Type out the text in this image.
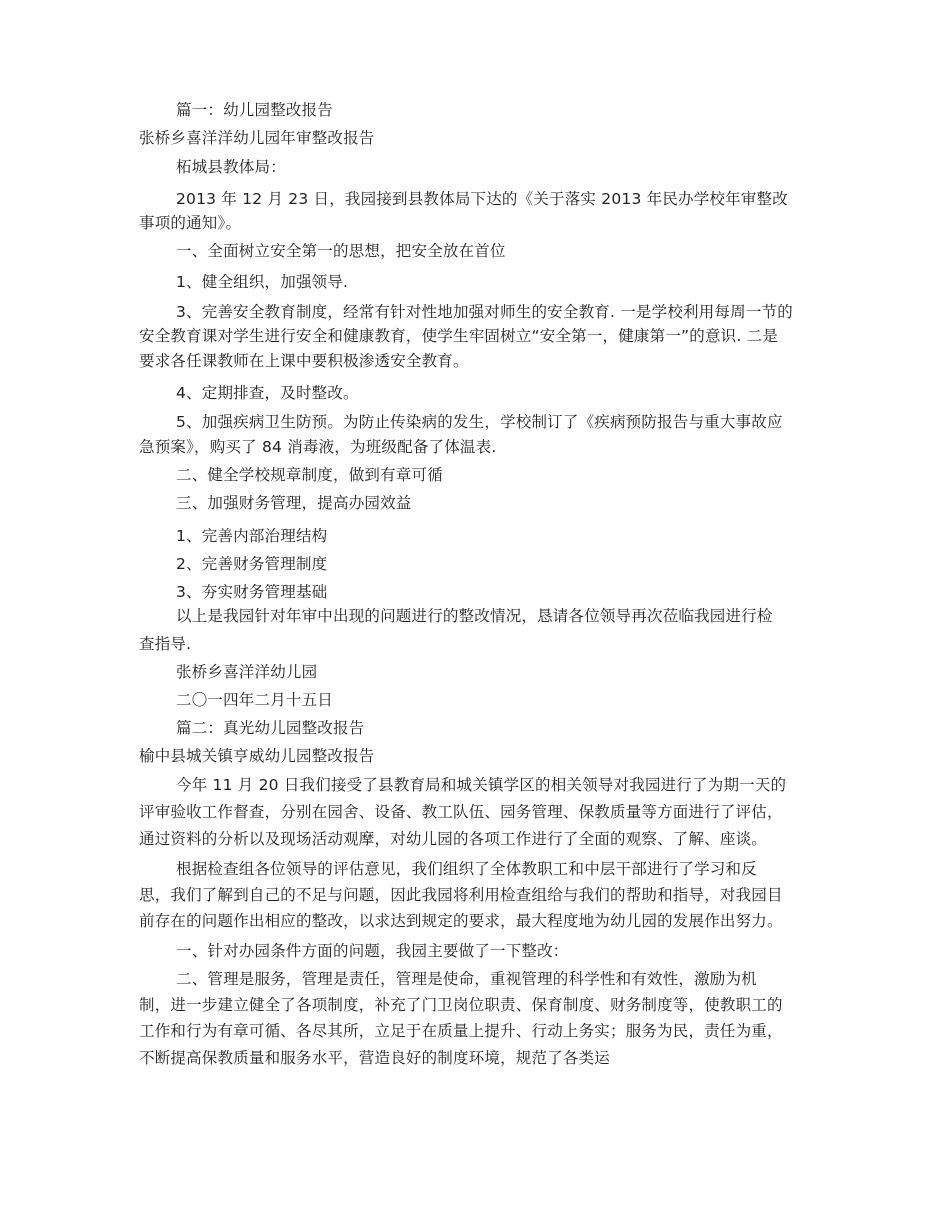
篇一：幼儿园整改报告
张桥乡喜洋洋幼儿园年审整改报告
柘城县教体局：
2013 年 12 月 23 日，我园接到县教体局下达的《关于落实 2013 年民办学校年审整改
事项的通知》。
一、全面树立安全第一的思想，把安全放在首位
1、健全组织，加强领导.
3、完善安全教育制度，经常有针对性地加强对师生的安全教育. 一是学校利用每周一节的
安全教育课对学生进行安全和健康教育，使学生牢固树立“安全第一，健康第一”的意识. 二是
要求各任课教师在上课中要积极渗透安全教育。
4、定期排查，及时整改。
5、加强疾病卫生防预。为防止传染病的发生，学校制订了《疾病预防报告与重大事故应
急预案》，购买了 84 消毒液，为班级配备了体温表.
二、健全学校规章制度，做到有章可循
三、加强财务管理，提高办园效益
1、完善内部治理结构
2、完善财务管理制度
3、夯实财务管理基础
以上是我园针对年审中出现的问题进行的整改情况，恳请各位领导再次莅临我园进行检
查指导.
张桥乡喜洋洋幼儿园
二〇一四年二月十五日
篇二：真光幼儿园整改报告
榆中县城关镇亨威幼儿园整改报告
今年 11 月 20 日我们接受了县教育局和城关镇学区的相关领导对我园进行了为期一天的
评审验收工作督查，分别在园舍、设备、教工队伍、园务管理、保教质量等方面进行了评估，
通过资料的分析以及现场活动观摩，对幼儿园的各项工作进行了全面的观察、了解、座谈。
根据检查组各位领导的评估意见，我们组织了全体教职工和中层干部进行了学习和反
思，我们了解到自己的不足与问题，因此我园将利用检查组给与我们的帮助和指导，对我园目
前存在的问题作出相应的整改，以求达到规定的要求，最大程度地为幼儿园的发展作出努力。
一、针对办园条件方面的问题，我园主要做了一下整改：
二、管理是服务，管理是责任，管理是使命，重视管理的科学性和有效性，激励为机
制，进一步建立健全了各项制度，补充了门卫岗位职责、保育制度、财务制度等，使教职工的
工作和行为有章可循、各尽其所，立足于在质量上提升、行动上务实；服务为民，责任为重，
不断提高保教质量和服务水平，营造良好的制度环境，规范了各类运
